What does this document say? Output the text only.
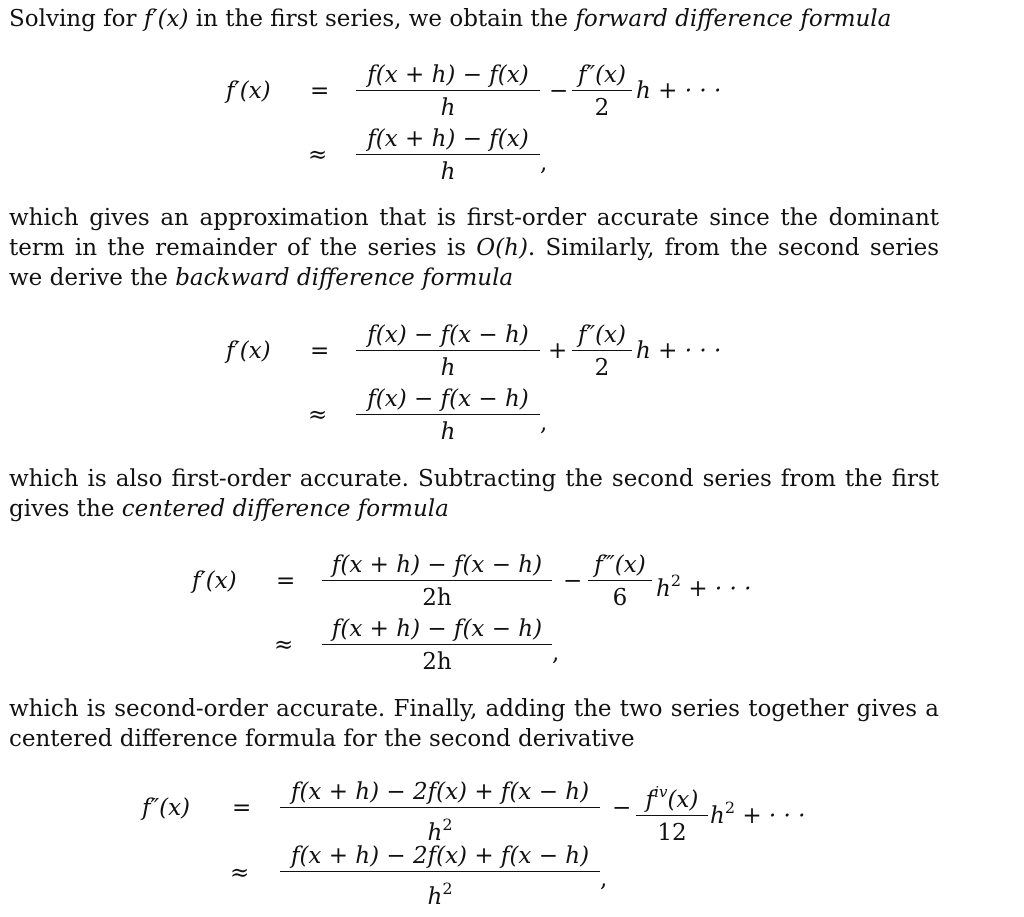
Solving for f′(x) in the first series, we obtain the forward difference formula

$f'(x) = \frac{f(x + h) - f(x)}{h} - \frac{f''(x)}{2}$ h + · · ·
≈ $\frac{f(x + h) - f(x)}{h}$ ,

which gives an approximation that is first-order accurate since the dominant term in the remainder of the series is O(h). Similarly, from the second series we derive the backward difference formula

$f'(x) = \frac{f(x) - f(x - h)}{h} + \frac{f''(x)}{2}$ h + · · ·
≈ $\frac{f(x) - f(x - h)}{h}$ ,

which is also first-order accurate. Subtracting the second series from the first gives the centered difference formula

$f'(x) = \frac{f(x + h) - f(x - h)}{2h} - \frac{f‴(x)}{6} h^2$ + · · ·
≈ $\frac{f(x + h) - f(x - h)}{2h}$ ,

which is second-order accurate. Finally, adding the two series together gives a centered difference formula for the second derivative

$f''(x) = \frac{f(x + h) - 2f(x) + f(x - h)}{h^2} - f^{iv}(x)$
12
$h^2$ + · · ·
≈ $\frac{f(x + h) - 2f(x) + f(x - h)}{h^2}$ ,
